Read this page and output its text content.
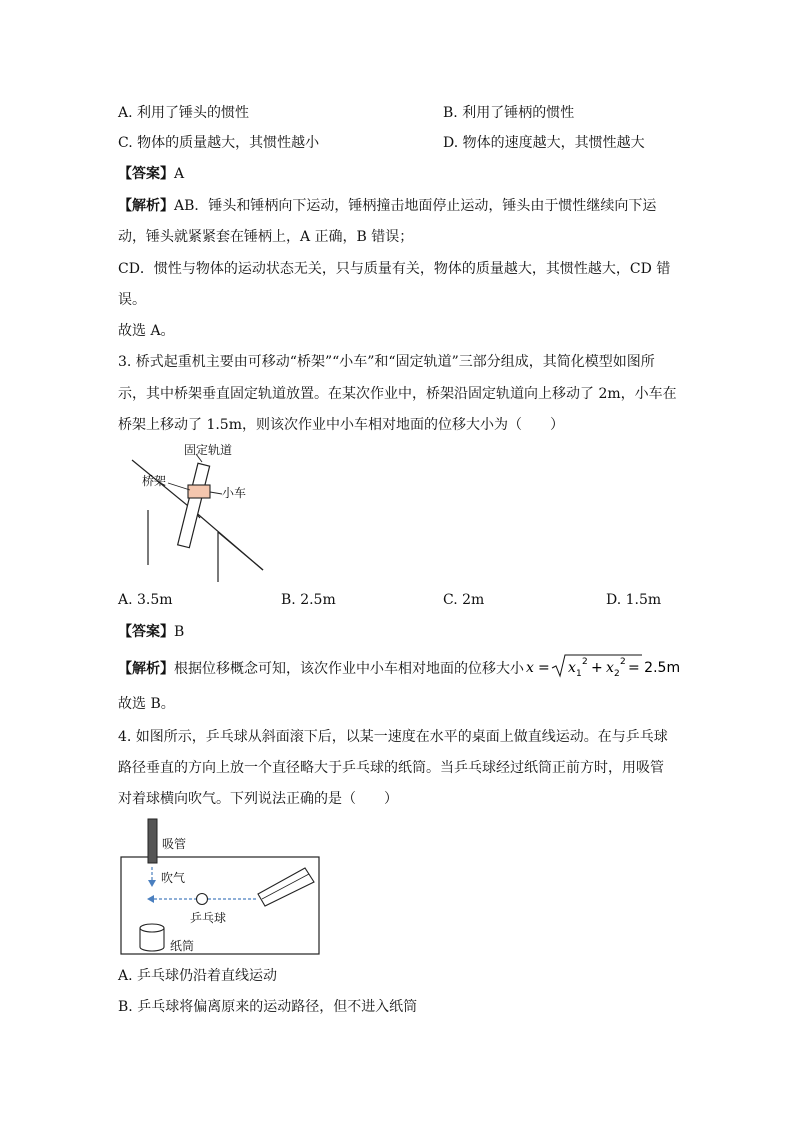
A. 利用了锤头的惯性	B. 利用了锤柄的惯性
C. 物体的质量越大，其惯性越小	D. 物体的速度越大，其惯性越大
【答案】A
【解析】AB．锤头和锤柄向下运动，锤柄撞击地面停止运动，锤头由于惯性继续向下运
动，锤头就紧紧套在锤柄上，A 正确，B 错误；
CD．惯性与物体的运动状态无关，只与质量有关，物体的质量越大，其惯性越大，CD 错
误。
故选 A。
3. 桥式起重机主要由可移动“桥架”“小车”和“固定轨道”三部分组成，其简化模型如图所
示，其中桥架垂直固定轨道放置。在某次作业中，桥架沿固定轨道向上移动了 2m，小车在
桥架上移动了 1.5m，则该次作业中小车相对地面的位移大小为（　　）
固定轨道
桥架
小车
A. 3.5m	B. 2.5m	C. 2m	D. 1.5m
【答案】B
【解析】根据位移概念可知，该次作业中小车相对地面的位移大小 x = x 1
2 + x 2
2 = 2.5m
故选 B。
4. 如图所示，乒乓球从斜面滚下后，以某一速度在水平的桌面上做直线运动。在与乒乓球
路径垂直的方向上放一个直径略大于乒乓球的纸筒。当乒乓球经过纸筒正前方时，用吸管
对着球横向吹气。下列说法正确的是（　　）
吸管
吹气
乒乓球
纸筒
A. 乒乓球仍沿着直线运动
B. 乒乓球将偏离原来的运动路径，但不进入纸筒
